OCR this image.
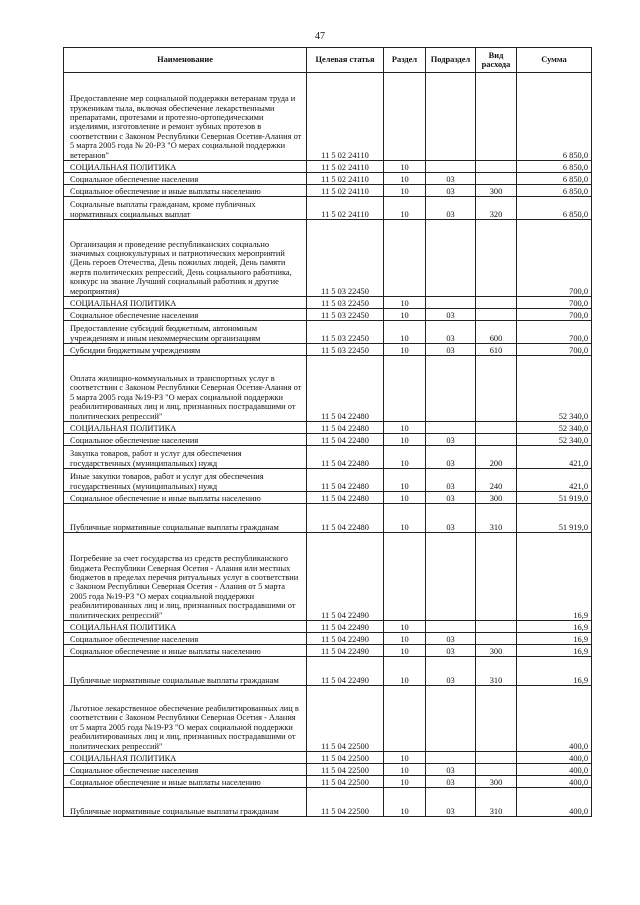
47
Наименование	Целевая статья	Раздел	Подраздел	Вид расхода	Сумма
Предоставление мер социальной поддержки ветеранам труда и труженикам тыла, включая обеспечение лекарственными препаратами, протезами и протезно-ортопедическими изделиями, изготовление и ремонт зубных протезов в соответствии с Законом Республики Северная Осетия-Алания от 5 марта 2005 года № 20-РЗ "О мерах социальной поддержки ветеранов"	11 5 02 24110				6 850,0
СОЦИАЛЬНАЯ ПОЛИТИКА	11 5 02 24110	10			6 850,0
Социальное обеспечение населения	11 5 02 24110	10	03		6 850,0
Социальное обеспечение и иные выплаты населению	11 5 02 24110	10	03	300	6 850,0
Социальные выплаты гражданам, кроме публичных нормативных социальных выплат	11 5 02 24110	10	03	320	6 850,0
Организация и проведение республиканских социально значимых социокультурных и патриотических мероприятий (День героев Отечества, День пожилых людей, День памяти жертв политических репрессий, День социального работника, конкурс на звание Лучший социальный работник и другие мероприятия)	11 5 03 22450				700,0
СОЦИАЛЬНАЯ ПОЛИТИКА	11 5 03 22450	10			700,0
Социальное обеспечение населения	11 5 03 22450	10	03		700,0
Предоставление субсидий бюджетным, автономным учреждениям и иным некоммерческим организациям	11 5 03 22450	10	03	600	700,0
Субсидии бюджетным учреждениям	11 5 03 22450	10	03	610	700,0
Оплата жилищно-коммунальных и транспортных услуг в соответствии с Законом Республики Северная Осетия-Алания от 5 марта 2005 года №19-РЗ "О мерах социальной поддержки реабилитированных лиц и лиц, признанных пострадавшими от политических репрессий"	11 5 04 22480				52 340,0
СОЦИАЛЬНАЯ ПОЛИТИКА	11 5 04 22480	10			52 340,0
Социальное обеспечение населения	11 5 04 22480	10	03		52 340,0
Закупка товаров, работ и услуг для обеспечения государственных (муниципальных) нужд	11 5 04 22480	10	03	200	421,0
Иные закупки товаров, работ и услуг для обеспечения государственных (муниципальных) нужд	11 5 04 22480	10	03	240	421,0
Социальное обеспечение и иные выплаты населению	11 5 04 22480	10	03	300	51 919,0
Публичные нормативные социальные выплаты гражданам	11 5 04 22480	10	03	310	51 919,0
Погребение за счет государства из средств республиканского бюджета Республики Северная Осетия - Алания или местных бюджетов в пределах перечня ритуальных услуг в соответствии с Законом Республики Северная Осетия - Алания от 5 марта 2005 года №19-РЗ "О мерах социальной поддержки реабилитированных лиц и лиц, признанных пострадавшими от политических репрессий"	11 5 04 22490				16,9
СОЦИАЛЬНАЯ ПОЛИТИКА	11 5 04 22490	10			16,9
Социальное обеспечение населения	11 5 04 22490	10	03		16,9
Социальное обеспечение и иные выплаты населению	11 5 04 22490	10	03	300	16,9
Публичные нормативные социальные выплаты гражданам	11 5 04 22490	10	03	310	16,9
Льготное лекарственное обеспечение реабилитированных лиц в соответствии с Законом Республики Северная Осетия - Алания от 5 марта 2005 года №19-РЗ "О мерах социальной поддержки реабилитированных лиц и лиц, признанных пострадавшими от политических репрессий"	11 5 04 22500				400,0
СОЦИАЛЬНАЯ ПОЛИТИКА	11 5 04 22500	10			400,0
Социальное обеспечение населения	11 5 04 22500	10	03		400,0
Социальное обеспечение и иные выплаты населению	11 5 04 22500	10	03	300	400,0
Публичные нормативные социальные выплаты гражданам	11 5 04 22500	10	03	310	400,0
